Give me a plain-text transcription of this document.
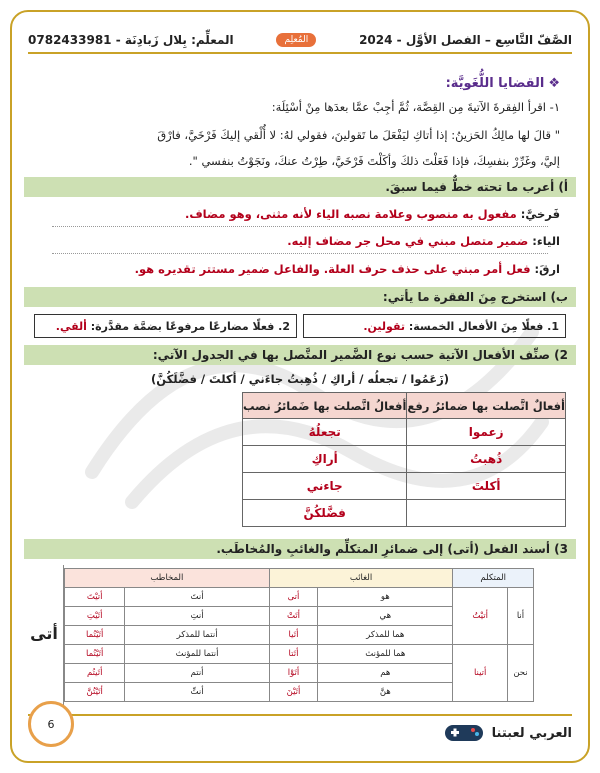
الصَّفّ التَّاسِع – الفصل الأوَّل - 2024
المُعلِم
المعلِّم: بِلال زَبادِنَة - 0782433981
❖
القضايا اللُّغَويَّة:
١- اقرأ الفِقرةَ الآتيةَ مِن القِصَّة، ثُمَّ أجِبْ عمَّا بعدَها مِنْ أسْئِلَة:
" قالَ لها مالِكُ الحَزينُ: إذا أتاكِ ليَفْعَلَ ما تَقولينَ، فقولي لهُ: لا أُلْقي إليكَ فَرْخَيَّ، فارْقَ
إليَّ، وغَرِّرْ بنفسِكَ، فإذا فَعَلْتَ ذلكَ وأكَلْتَ فَرْخَيَّ، طِرْتُ عنكَ، ونَجَوْتُ بنفسي ".
أ) أعرب ما تحته خطٌّ فيما سبقَ.
فَرخيَّ: مفعول به منصوب وعلامة نصبه الياء لأنه مثنى، وهو مضاف.
الياء: ضمير متصل مبني في محل جر مضاف إليه.
ارقَ: فعل أمر مبني على حذف حرف العلة. والفاعل ضمير مستتر تقديره هو.
ب) استخرج مِنَ الفقرة ما يأتي:
1. فعلًا مِنَ الأفعال الخمسة:

تقولين.
2. فعلًا مضارعًا مرفوعًا بضمَّة مقدَّرة:

ألقي.
2) صنِّف الأفعال الآتية حسب نوع الضَّمير المتَّصل بها في الجدول الآتي:
(زَعَمُوا / تجعلُه / أراكِ / ذُهِبتُ جاءَني / أكلتَ / فضَّلَكُنَّ)
أفعالٌ اتَّصلت بها ضمائرُ رفع	أفعالُ اتَّصلت بها ضَمائرُ نصب
زعموا	تجعلُهُ
ذُهبتُ	أراكِ
أكلتَ	جاءني
	فضَّلكُنَّ
3) أسند الفعل (أتى) إلى ضمائرِ المتكلِّم والغائبِ والمُخاطَب.
المتكلم		الغائب		المخاطب	
أنا	أتيْتُ	هو	أتى	أنتَ	أتيْتَ
		هي	أتَتْ	أنتِ	أتَيْتِ
		هما للمذكر	أتَيا	أنتما للمذكر	أتَيْتُما
نحن	أتينا	هما للمؤنث	أتَتا	أنتما للمؤنث	أتَيْتُما
		هم	أتَوْا	أنتم	أتَيتُم
		هنَّ	أتَيْنَ	أنتِّ	أتَيْتُنَّ
أتى
العربي لعبتنا
6
